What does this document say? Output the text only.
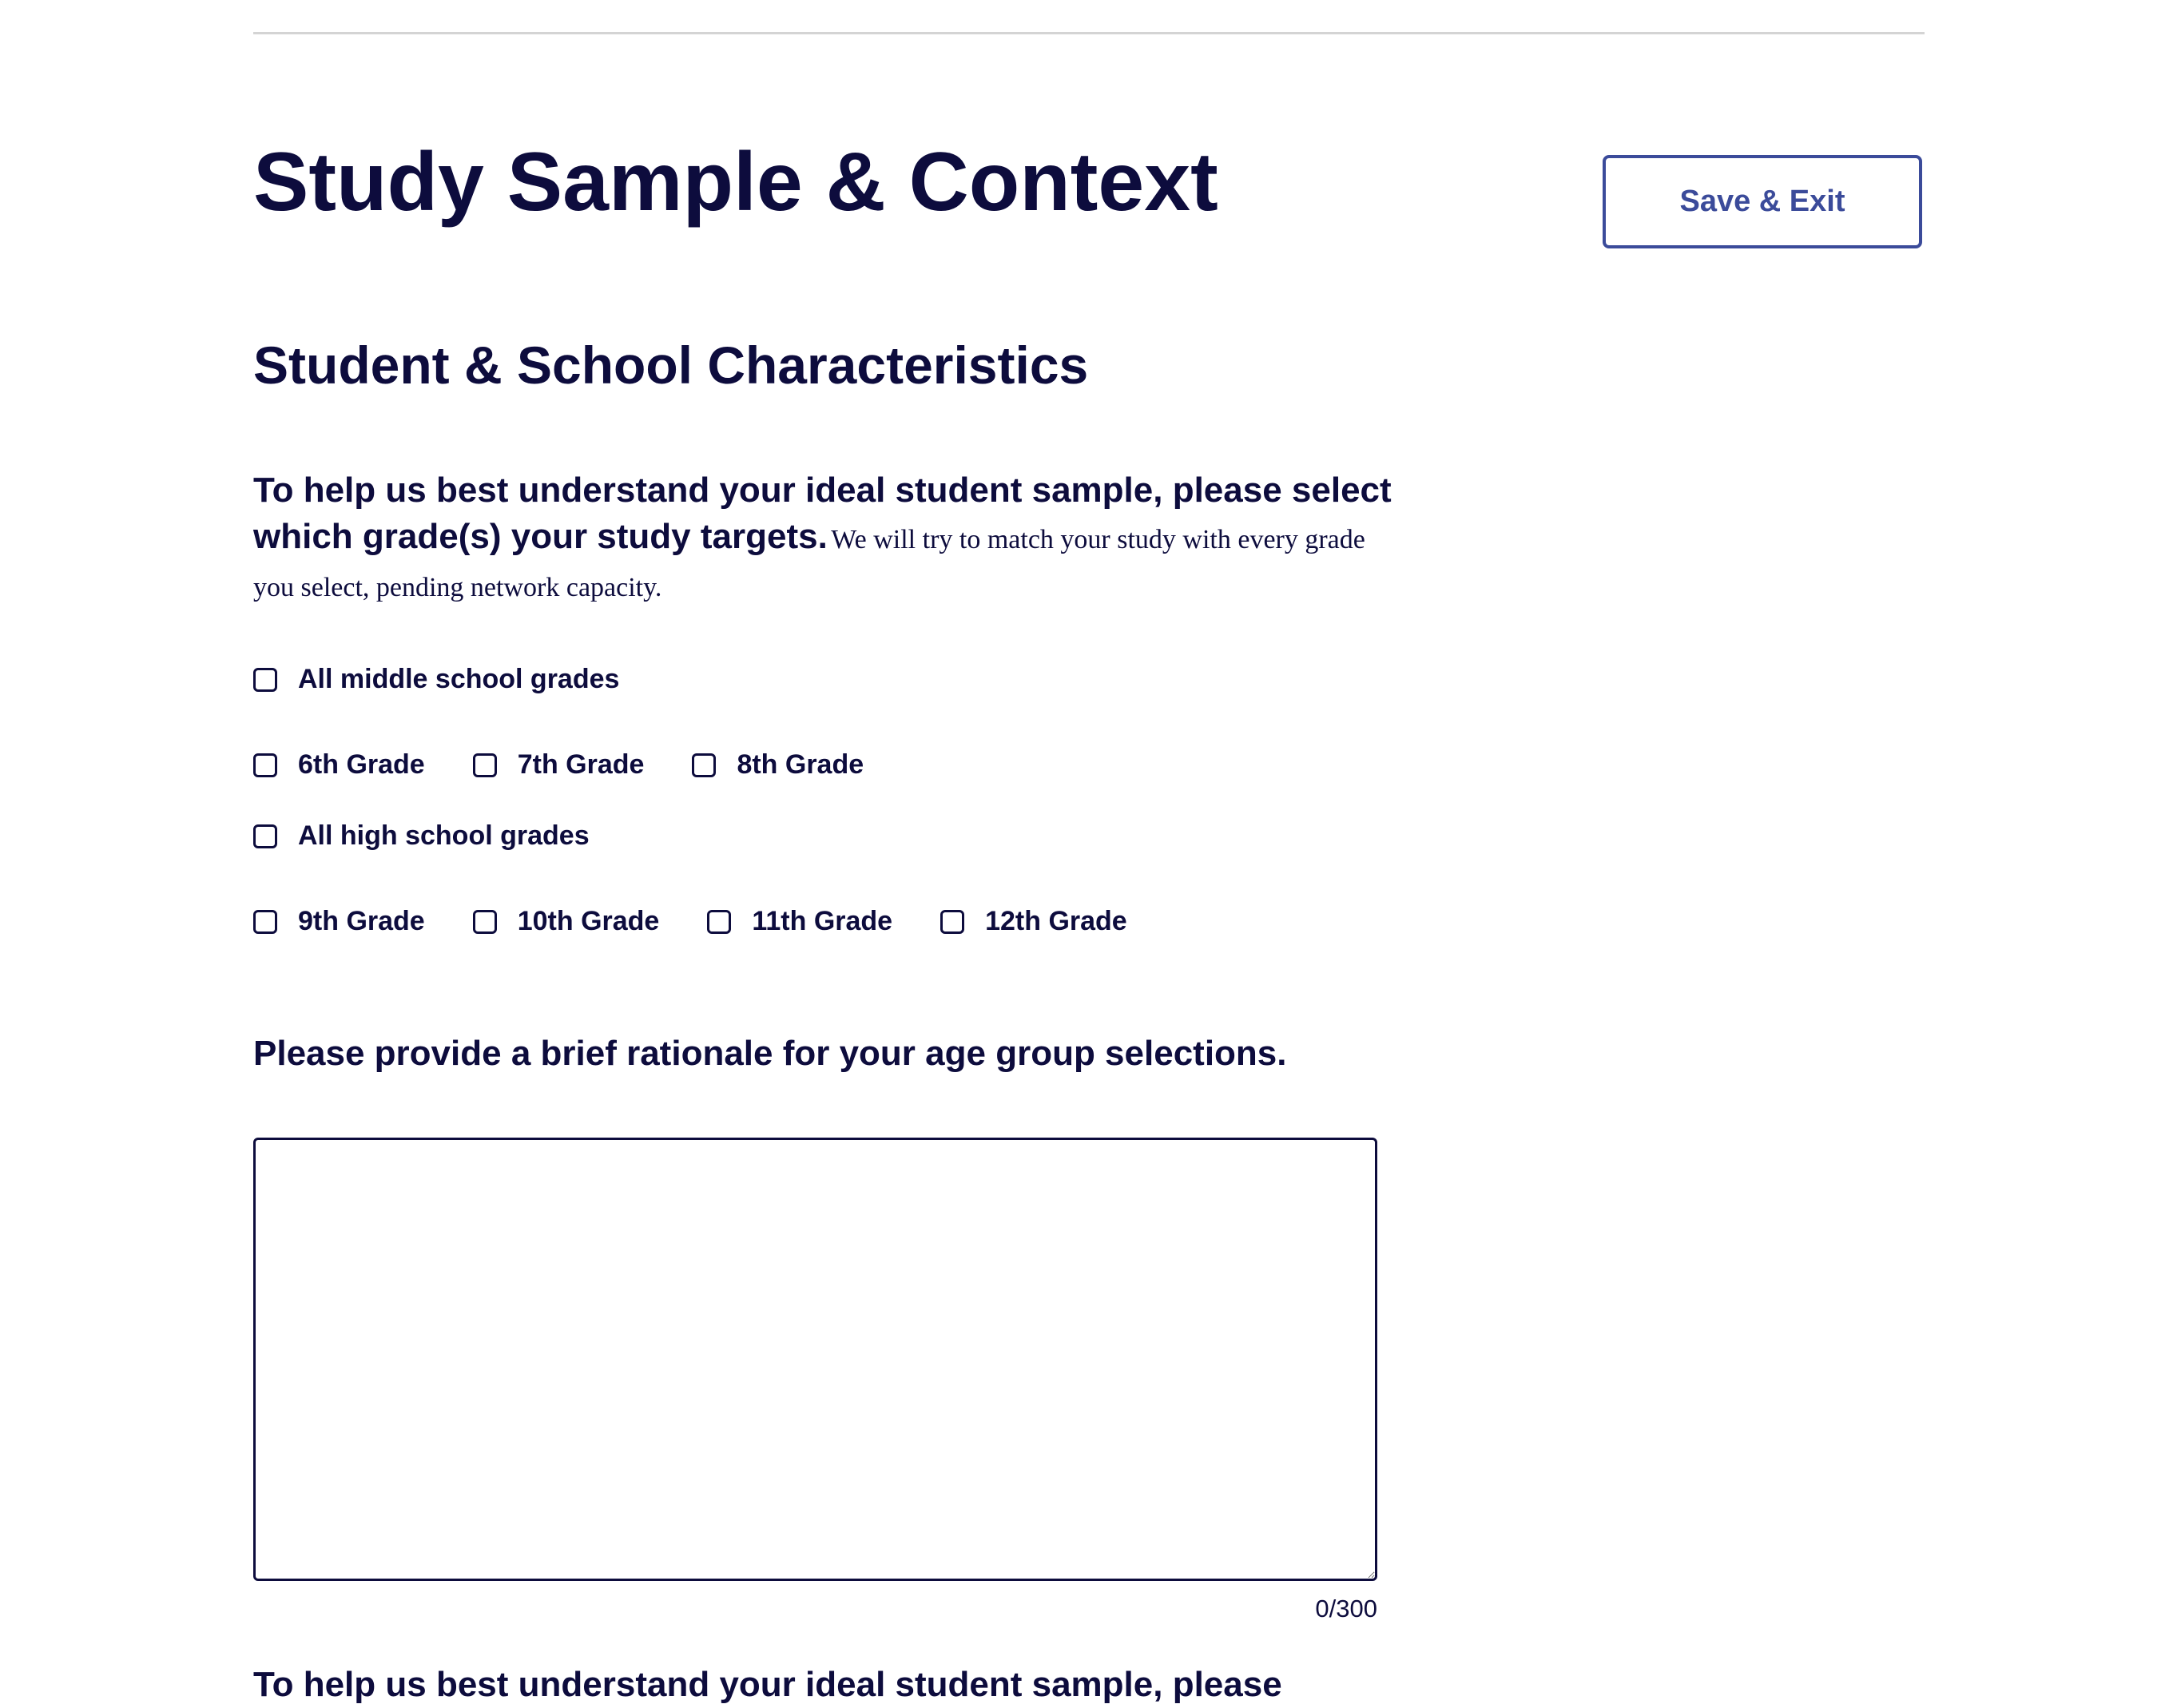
Study Sample & Context	Save & Exit
Student & School Characteristics

To help us best understand your ideal student sample, please select which grade(s) your study targets. We will try to match your study with every grade you select, pending network capacity.

All middle school grades
6th Grade	7th Grade	8th Grade
All high school grades
9th Grade	10th Grade	11th Grade	12th Grade

Please provide a brief rationale for your age group selections.

0/300

To help us best understand your ideal student sample, please
